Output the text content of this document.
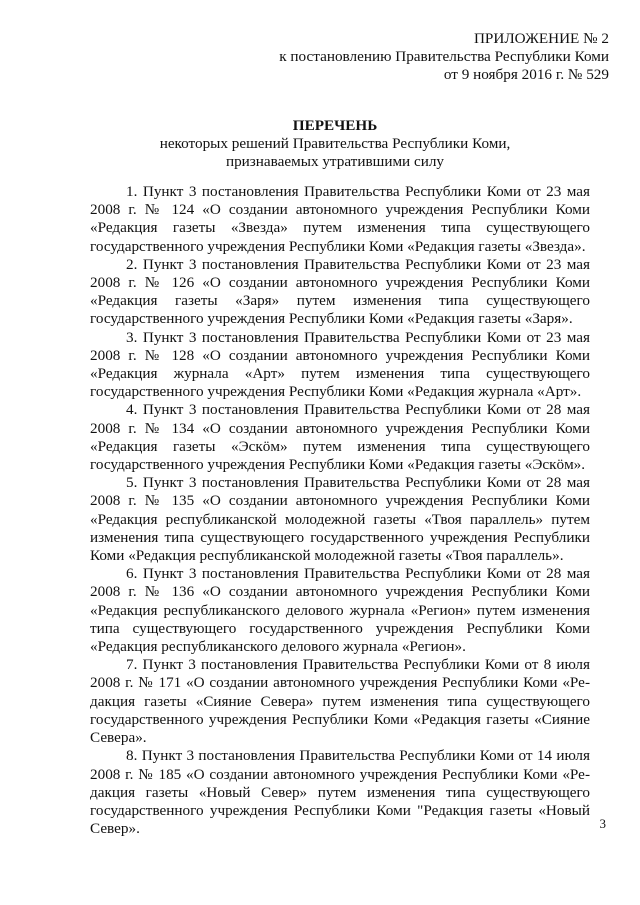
ПРИЛОЖЕНИЕ № 2
к постановлению Правительства Республики Коми
от 9 ноября 2016 г. № 529
ПЕРЕЧЕНЬ
некоторых решений Правительства Республики Коми,
признаваемых утратившими силу

1. Пункт 3 постановления Правительства Республики Коми от 23 мая 2008 г. № 124 «О создании автономного учреждения Республики Коми «Редакция газеты «Звезда» путем изменения типа существующего государственного учреждения Республики Коми «Редакция газеты «Звезда».

2. Пункт 3 постановления Правительства Республики Коми от 23 мая 2008 г. № 126 «О создании автономного учреждения Республики Коми «Редакция газеты «Заря» путем изменения типа существующего государственного учреждения Республики Коми «Редакция газеты «Заря».

3. Пункт 3 постановления Правительства Республики Коми от 23 мая 2008 г. № 128 «О создании автономного учреждения Республики Коми «Редакция журнала «Арт» путем изменения типа существующего государственного учреждения Республики Коми «Редакция журнала «Арт».

4. Пункт 3 постановления Правительства Республики Коми от 28 мая 2008 г. № 134 «О создании автономного учреждения Республики Коми «Редакция газеты «Эскöм» путем изменения типа существующего государственного учреждения Республики Коми «Редакция газеты «Эскöм».

5. Пункт 3 постановления Правительства Республики Коми от 28 мая 2008 г. № 135 «О создании автономного учреждения Республики Коми «Редакция республиканской молодежной газеты «Твоя параллель» путем изменения типа существующего государственного учреждения Республики Коми «Редакция республиканской молодежной газеты «Твоя параллель».

6. Пункт 3 постановления Правительства Республики Коми от 28 мая 2008 г. № 136 «О создании автономного учреждения Республики Коми «Редакция республиканского делового журнала «Регион» путем изменения типа существующего государственного учреждения Республики Коми «Редакция республиканского делового журнала «Регион».

7. Пункт 3 постановления Правительства Республики Коми от 8 июля 2008 г. № 171 «О создании автономного учреждения Республики Коми «Редакция газеты «Сияние Севера» путем изменения типа существующего государственного учреждения Республики Коми «Редакция газеты «Сияние Севера».

8. Пункт 3 постановления Правительства Республики Коми от 14 июля 2008 г. № 185 «О создании автономного учреждения Республики Коми «Редакция газеты «Новый Север» путем изменения типа существующего государственного учреждения Республики Коми "Редакция газеты «Новый Север».	3
